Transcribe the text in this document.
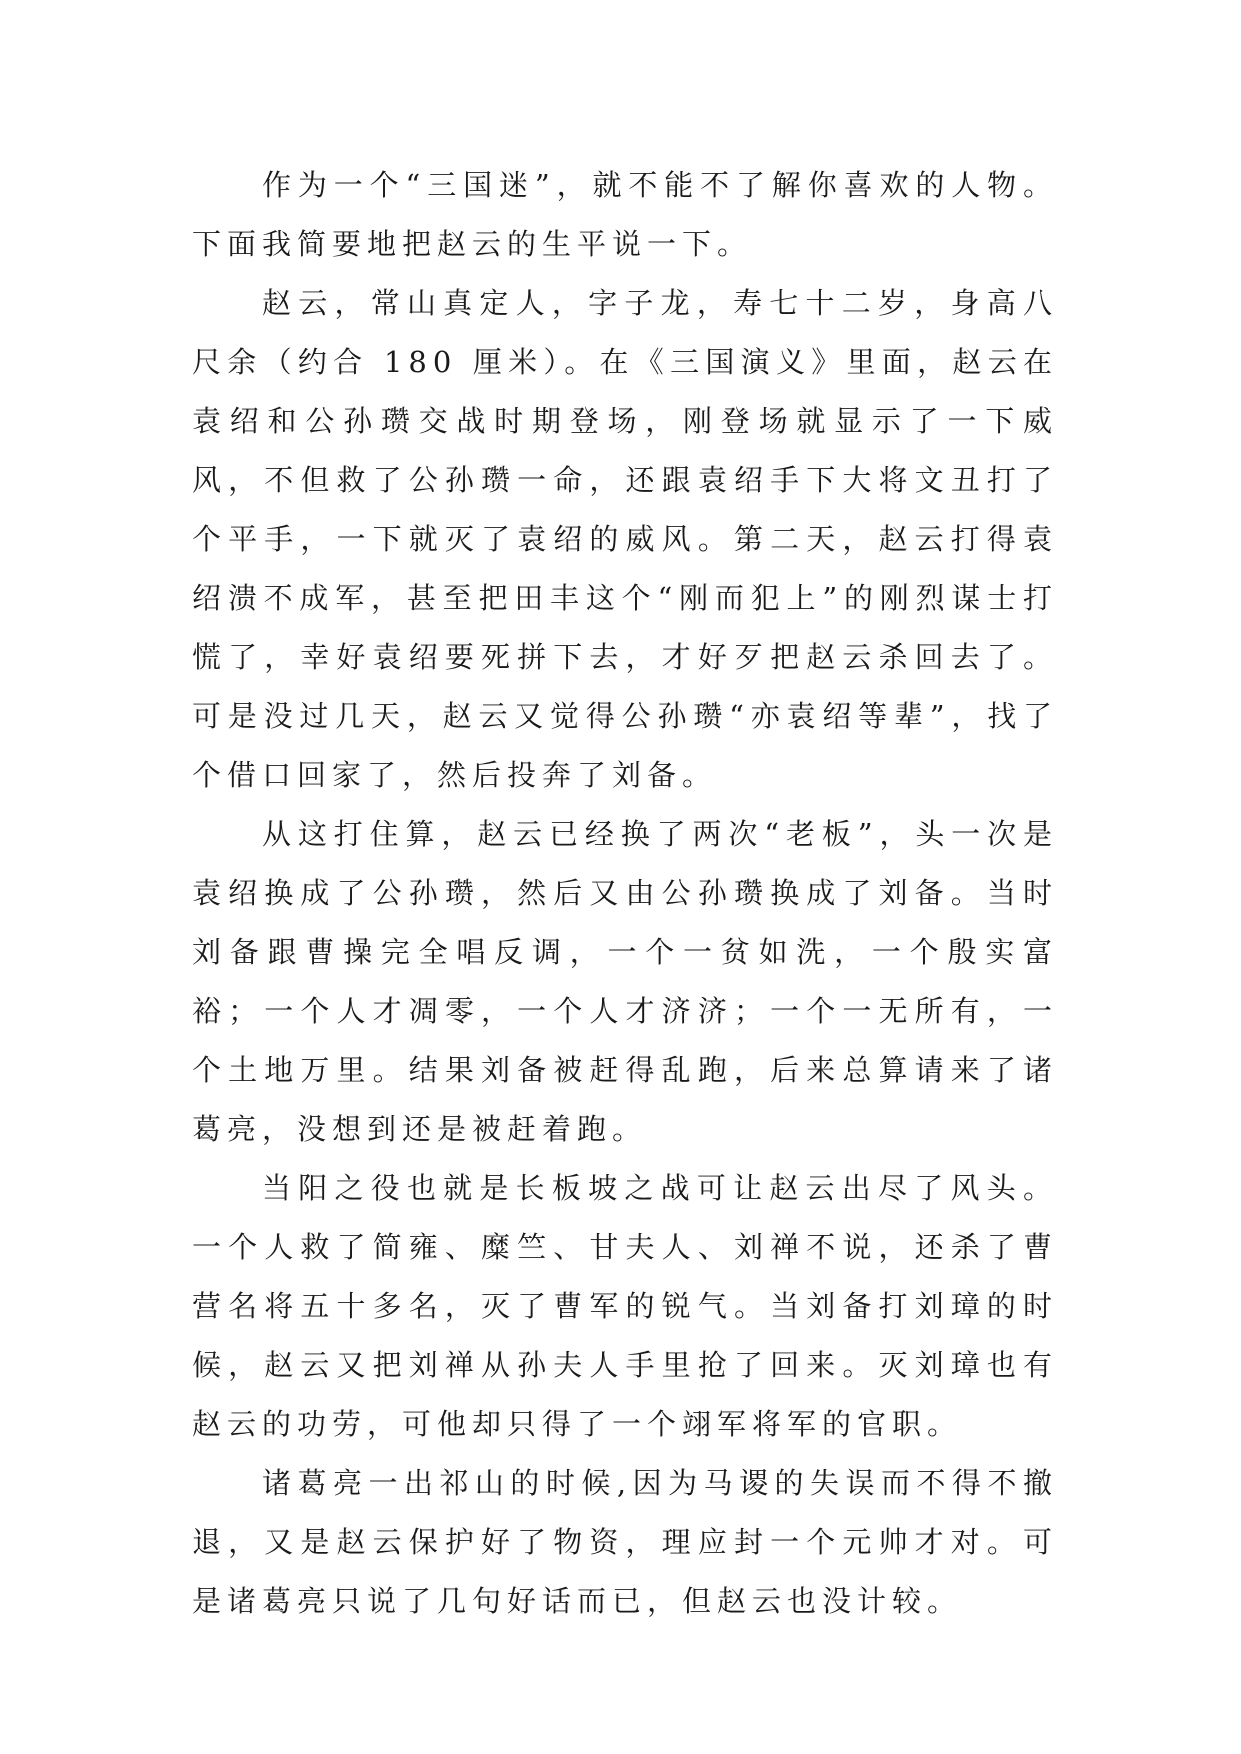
作为一个“三国迷”，就不能不了解你喜欢的人物。下面我简要地把赵云的生平说一下。

赵云，常山真定人，字子龙，寿七十二岁，身高八尺余（约合 180 厘米）。在《三国演义》里面，赵云在袁绍和公孙瓒交战时期登场，刚登场就显示了一下威风，不但救了公孙瓒一命，还跟袁绍手下大将文丑打了个平手，一下就灭了袁绍的威风。第二天，赵云打得袁绍溃不成军，甚至把田丰这个“刚而犯上”的刚烈谋士打慌了，幸好袁绍要死拼下去，才好歹把赵云杀回去了。可是没过几天，赵云又觉得公孙瓒“亦袁绍等辈”，找了个借口回家了，然后投奔了刘备。

从这打住算，赵云已经换了两次“老板”，头一次是袁绍换成了公孙瓒，然后又由公孙瓒换成了刘备。当时刘备跟曹操完全唱反调，一个一贫如洗，一个殷实富裕；一个人才凋零，一个人才济济；一个一无所有，一个土地万里。结果刘备被赶得乱跑，后来总算请来了诸葛亮，没想到还是被赶着跑。

当阳之役也就是长板坡之战可让赵云出尽了风头。一个人救了简雍、糜竺、甘夫人、刘禅不说，还杀了曹营名将五十多名，灭了曹军的锐气。当刘备打刘璋的时候，赵云又把刘禅从孙夫人手里抢了回来。灭刘璋也有赵云的功劳，可他却只得了一个翊军将军的官职。

诸葛亮一出祁山的时候,因为马谡的失误而不得不撤退，又是赵云保护好了物资，理应封一个元帅才对。可是诸葛亮只说了几句好话而已，但赵云也没计较。
